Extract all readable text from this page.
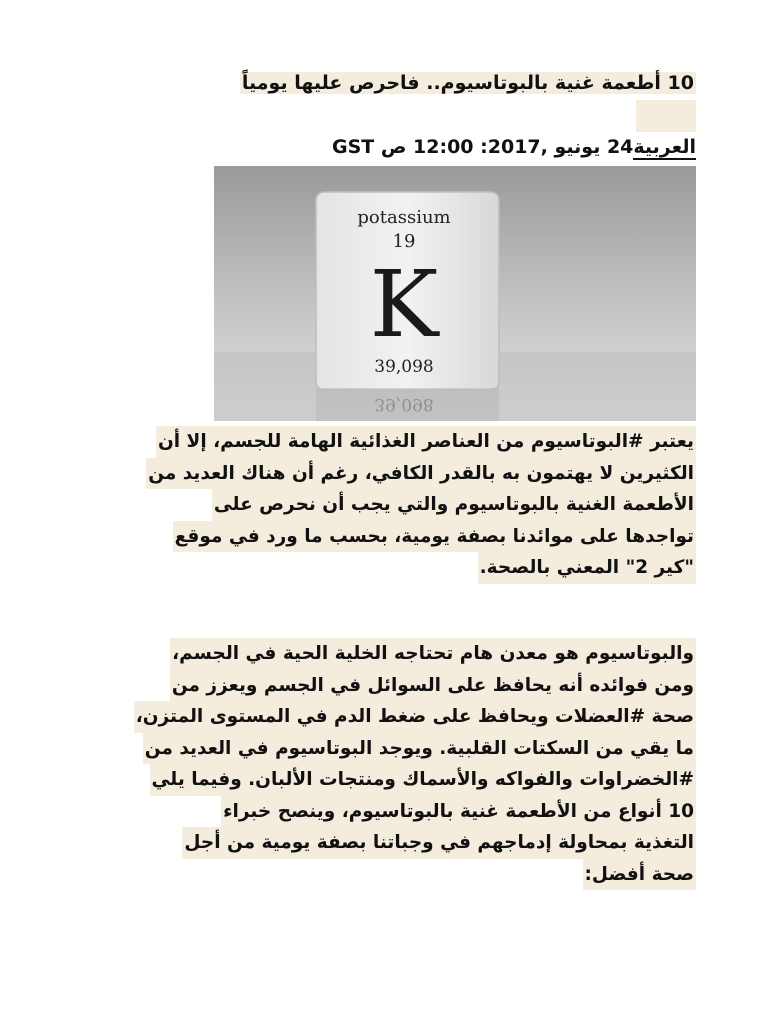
10 أطعمة غنية بالبوتاسيوم.. فاحرص عليها يومياً

العربية24 يونيو ,2017: 12:00 ص GST
potassium
19
K
39,098
39,098
يعتبر #البوتاسيوم من العناصر الغذائية الهامة للجسم، إلا أن
الكثيرين لا يهتمون به بالقدر الكافي، رغم أن هناك العديد من
الأطعمة الغنية بالبوتاسيوم والتي يجب أن نحرص على
تواجدها على موائدنا بصفة يومية، بحسب ما ورد في موقع
"كير 2" المعني بالصحة.
والبوتاسيوم هو معدن هام تحتاجه الخلية الحية في الجسم،
ومن فوائده أنه يحافظ على السوائل في الجسم ويعزز من
صحة #العضلات ويحافظ على ضغط الدم في المستوى المتزن،
ما يقي من السكتات القلبية. ويوجد البوتاسيوم في العديد من
#الخضراوات والفواكه والأسماك ومنتجات الألبان. وفيما يلي
10 أنواع من الأطعمة غنية بالبوتاسيوم، وينصح خبراء
التغذية بمحاولة إدماجهم في وجباتنا بصفة يومية من أجل
صحة أفضل:
